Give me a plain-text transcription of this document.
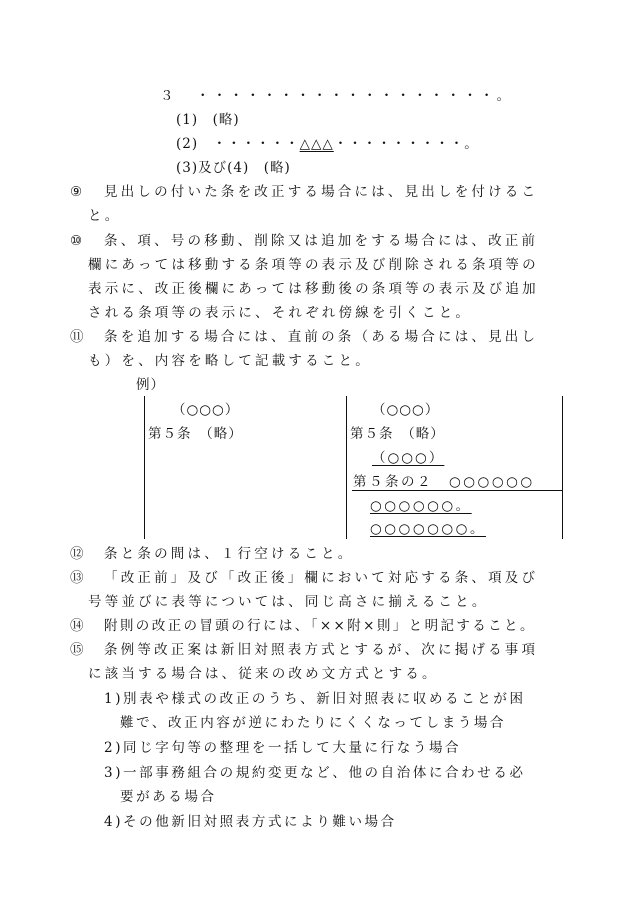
３ ・・・・・・・・・・・・・・・・・・。
(1)　(略)
(2)　・・・・・・△△△・・・・・・・・・。
(3)及び(4)　(略)
⑨ 見出しの付いた条を改正する場合には、見出しを付けるこ
と。
⑩ 条、項、号の移動、削除又は追加をする場合には、改正前
欄にあっては移動する条項等の表示及び削除される条項等の
表示に、改正後欄にあっては移動後の条項等の表示及び追加
される条項等の表示に、それぞれ傍線を引くこと。
⑪ 条を追加する場合には、直前の条（ある場合には、見出し
も）を、内容を略して記載すること。
例）
（○○○）
第５条　（略）
（○○○）
第５条　（略）
（○○○）
第５条の２　○○○○○○
○○○○○○。
○○○○○○○。
⑫ 条と条の間は、１行空けること。
⑬ 「改正前」及び「改正後」欄において対応する条、項及び
号等並びに表等については、同じ高さに揃えること。
⑭ 附則の改正の冒頭の行には、「××附×則」と明記すること。
⑮ 条例等改正案は新旧対照表方式とするが、次に掲げる事項
に該当する場合は、従来の改め文方式とする。
1)別表や様式の改正のうち、新旧対照表に収めることが困
難で、改正内容が逆にわたりにくくなってしまう場合
2)同じ字句等の整理を一括して大量に行なう場合
3)一部事務組合の規約変更など、他の自治体に合わせる必
要がある場合
4)その他新旧対照表方式により難い場合
